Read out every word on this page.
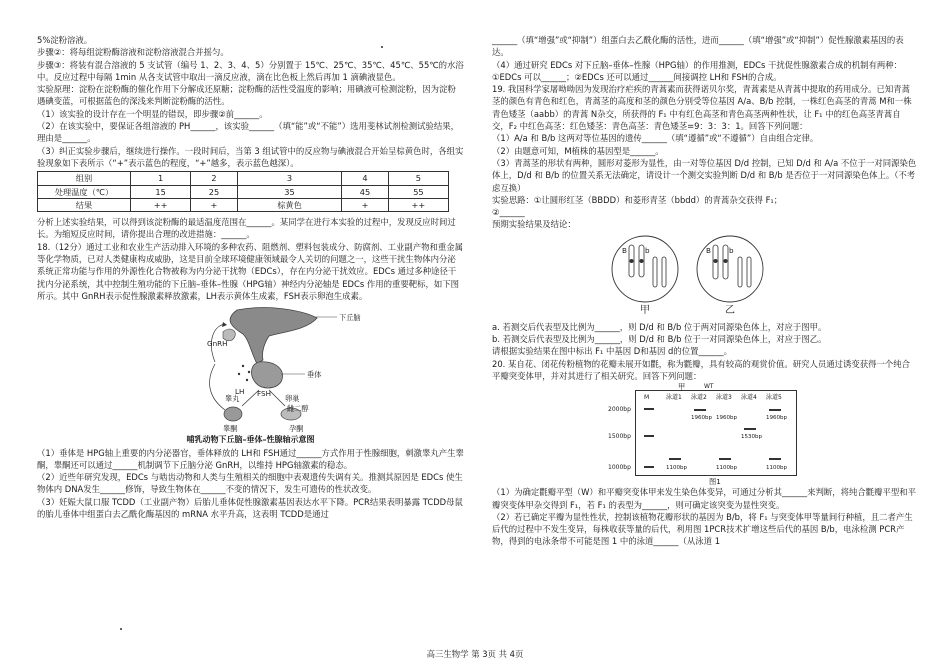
5%淀粉溶液。

步骤②：将每组淀粉酶溶液和淀粉溶液混合并摇匀。

步骤③：将装有混合溶液的 5 支试管（编号 1、2、3、4、5）分别置于 15℃、25℃、35℃、45℃、55℃的水浴中。反应过程中每隔 1min 从各支试管中取出一滴反应液，滴在比色板上然后再加 1 滴碘液显色。

实验原理：淀粉在淀粉酶的催化作用下分解成还原糖；淀粉酶的活性受温度的影响；用碘液可检测淀粉，因为淀粉遇碘变蓝，可根据蓝色的深浅来判断淀粉酶的活性。

（1）该实验的设计存在一个明显的错误，即步骤②前______。

（2）在该实验中，要保证各组溶液的 PH______，该实验______（填“能”或“不能”）选用斐林试剂检测试验结果，理由是______。

（3）纠正实验步骤后，继续进行操作。一段时间后，当第 3 组试管中的反应物与碘液混合开始呈棕黄色时，各组实验现象如下表所示（“+”表示蓝色的程度，“+”越多，表示蓝色越深）。

组别	1	2	3	4	5
处理温度（℃）	15	25	35	45	55
结果	++	+	棕黄色	+	++

分析上述实验结果，可以得到该淀粉酶的最适温度范围在______。某同学在进行本实验的过程中，发现反应时间过长。为缩短反应时间，请你提出合理的改进措施：______。

18.（12分）通过工业和农业生产活动排入环境的多种农药、阻燃剂、塑料包装成分、防腐剂、工业副产物和重金属等化学物质，已对人类健康构成威胁，这是目前全球环境健康领域最令人关切的问题之一，这些干扰生物体内分泌系统正常功能与作用的外源性化合物被称为内分泌干扰物（EDCs），存在内分泌干扰效应。EDCs 通过多种途径干扰内分泌系统，其中控制生殖功能的下丘脑–垂体–性腺（HPG轴）神经内分泌轴是 EDCs 作用的重要靶标，如下图所示。其中 GnRH表示促性腺激素释放激素，LH表示黄体生成素，FSH表示卵泡生成素。

下丘脑
垂体
睾丸	卵巢
雌二醇
孕酮
GnRH
LH FSH
睾酮

哺乳动物下丘脑–垂体–性腺轴示意图

（1）垂体是 HPG轴上重要的内分泌器官，垂体释放的 LH和 FSH通过______方式作用于性腺细胞，刺激睾丸产生睾酮，睾酮还可以通过______机制调节下丘脑分泌 GnRH，以维持 HPG轴激素的稳态。

（2）近些年研究发现，EDCs 与啮齿动物和人类与生殖相关的细胞中表观遗传失调有关。推测其原因是 EDCs 使生物体内 DNA发生______修饰，导致生物体在______不变的情况下，发生可遗传的性状改变。

（3）妊娠大鼠口服 TCDD（工业副产物）后胎儿垂体促性腺激素基因表达水平下降。PCR结果表明暴露 TCDD母鼠的胎儿垂体中组蛋白去乙酰化酶基因的 mRNA 水平升高，这表明 TCDD是通过

______（填“增强”或“抑制”）组蛋白去乙酰化酶的活性，进而______（填“增强”或“抑制”）促性腺激素基因的表达。

（4）通过研究 EDCs 对下丘脑–垂体–性腺（HPG轴）的作用推测，EDCs 干扰促性腺激素合成的机制有两种：①EDCs 可以______；②EDCs 还可以通过______间接调控 LH和 FSH的合成。

19. 我国科学家屠呦呦因为发现治疗疟疾的青蒿素而获得诺贝尔奖，青蒿素是从青蒿中提取的药用成分。已知青蒿茎的颜色有青色和红色，青蒿茎的高度和茎的颜色分别受等位基因 A/a、B/b 控制，一株红色高茎的青蒿 M和一株青色矮茎（aabb）的青蒿 N杂交，所获得的 F₁ 中有红色高茎和青色高茎两种性状，让 F₁ 中的红色高茎青蒿自交，F₂ 中红色高茎：红色矮茎：青色高茎：青色矮茎=9：3：3：1。回答下列问题：

（1）A/a 和 B/b 这两对等位基因的遗传______（填“遵循”或“不遵循”）自由组合定律。

（2）由题意可知，M植株的基因型是______。

（3）青蒿茎的形状有两种，圆形对菱形为显性，由一对等位基因 D/d 控制，已知 D/d 和 A/a 不位于一对同源染色体上，D/d 和 B/b 的位置关系无法确定，请设计一个测交实验判断 D/d 和 B/b 是否位于一对同源染色体上。（不考虑互换）

实验思路：①让圆形红茎（BBDD）和菱形青茎（bbdd）的青蒿杂交获得 F₁；

②______

预期实验结果及结论：

B	b	B	b
甲	乙

a. 若测交后代表型及比例为______，则 D/d 和 B/b 位于两对同源染色体上，对应于图甲。

b. 若测交后代表型及比例为______，则 D/d 和 B/b 位于一对同源染色体上，对应于图乙。

请根据实验结果在图中标出 F₁ 中基因 D和基因 d的位置______。

20. 某自花、闭花传粉植物的花瓣未展开如氍，称为氍瓣，具有较高的观赏价值。研究人员通过诱变获得一个纯合平瓣突变体甲，并对其进行了相关研究。回答下列问题：

甲	WT
M	泳道1 泳道2 泳道3 泳道4 泳道5
2000bp
1500bp
1000bp
1960bp 1960bp
1530bp
1960bp
1100bp	1100bp	1100bp
图1

（1）为确定氍瓣平型（W）和平瓣突变体甲来发生染色体变异，可通过分析其______来判断，将纯合氍瓣平型和平瓣突变体甲杂交得到 F₁，若 F₁ 的表型为______，则可确定该突变为显性突变。

（2）若已确定平瓣为显性性状，控制该植物花瓣形状的基因为 B/b，将 F₁ 与突变体甲等量间行种植，且二者产生后代的过程中不发生变异，每株收获等量的后代，利用图 1PCR技术扩增这些后代的基因 B/b，电泳检测 PCR产物，得到的电泳条带不可能是图 1 中的泳道______（从泳道 1

高三生物学 第 3页 共 4页
